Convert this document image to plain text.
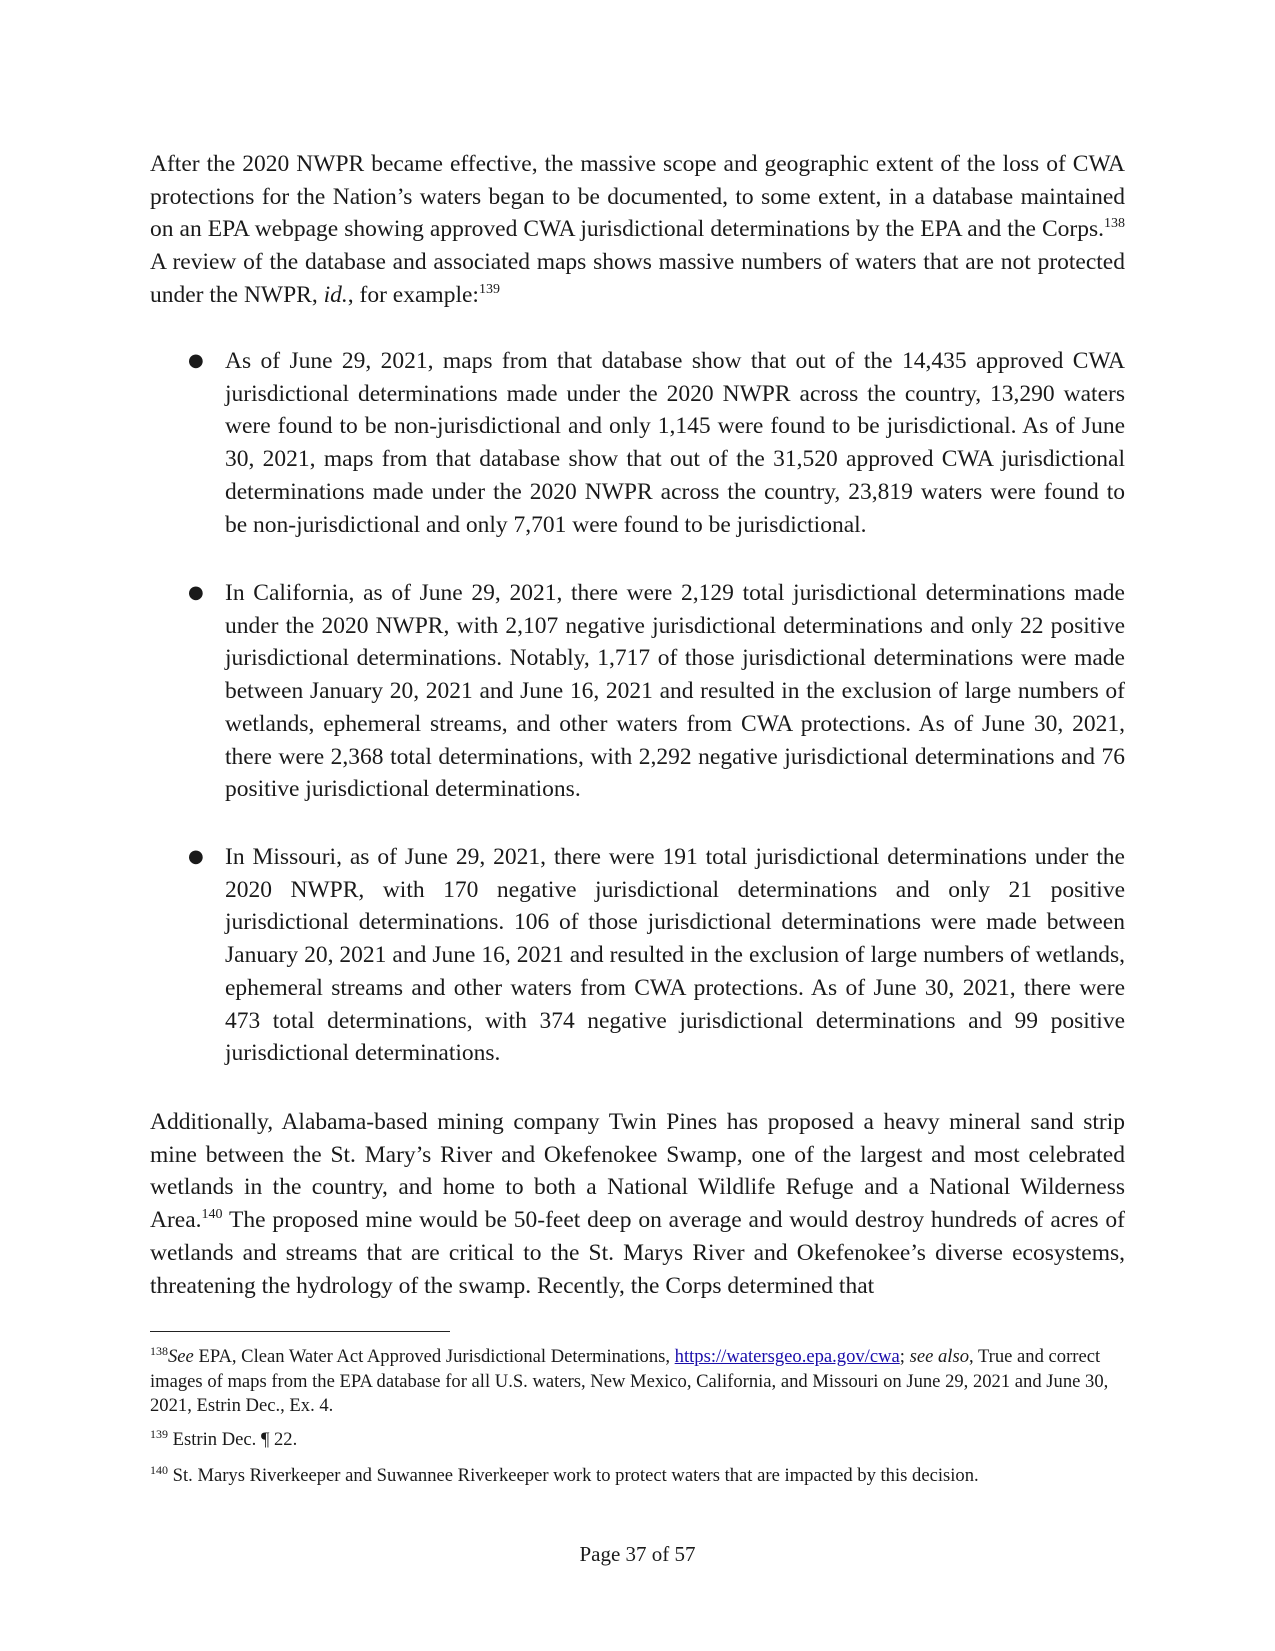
After the 2020 NWPR became effective, the massive scope and geographic extent of the loss of CWA protections for the Nation’s waters began to be documented, to some extent, in a database maintained on an EPA webpage showing approved CWA jurisdictional determinations by the EPA and the Corps.$^{138}$ A review of the database and associated maps shows massive numbers of waters that are not protected under the NWPR, id., for example:$^{139}$

● As of June 29, 2021, maps from that database show that out of the 14,435 approved CWA jurisdictional determinations made under the 2020 NWPR across the country, 13,290 waters were found to be non-jurisdictional and only 1,145 were found to be jurisdictional. As of June 30, 2021, maps from that database show that out of the 31,520 approved CWA jurisdictional determinations made under the 2020 NWPR across the country, 23,819 waters were found to be non-jurisdictional and only 7,701 were found to be jurisdictional.

● In California, as of June 29, 2021, there were 2,129 total jurisdictional determinations made under the 2020 NWPR, with 2,107 negative jurisdictional determinations and only 22 positive jurisdictional determinations. Notably, 1,717 of those jurisdictional determinations were made between January 20, 2021 and June 16, 2021 and resulted in the exclusion of large numbers of wetlands, ephemeral streams, and other waters from CWA protections. As of June 30, 2021, there were 2,368 total determinations, with 2,292 negative jurisdictional determinations and 76 positive jurisdictional determinations.

● In Missouri, as of June 29, 2021, there were 191 total jurisdictional determinations under the 2020 NWPR, with 170 negative jurisdictional determinations and only 21 positive jurisdictional determinations. 106 of those jurisdictional determinations were made between January 20, 2021 and June 16, 2021 and resulted in the exclusion of large numbers of wetlands, ephemeral streams and other waters from CWA protections. As of June 30, 2021, there were 473 total determinations, with 374 negative jurisdictional determinations and 99 positive jurisdictional determinations.

Additionally, Alabama-based mining company Twin Pines has proposed a heavy mineral sand strip mine between the St. Mary’s River and Okefenokee Swamp, one of the largest and most celebrated wetlands in the country, and home to both a National Wildlife Refuge and a National Wilderness Area.$^{140}$ The proposed mine would be 50-feet deep on average and would destroy hundreds of acres of wetlands and streams that are critical to the St. Marys River and Okefenokee’s diverse ecosystems, threatening the hydrology of the swamp. Recently, the Corps determined that

$^{138}$See EPA, Clean Water Act Approved Jurisdictional Determinations, https://watersgeo.epa.gov/cwa; see also, True and correct images of maps from the EPA database for all U.S. waters, New Mexico, California, and Missouri on June 29, 2021 and June 30, 2021, Estrin Dec., Ex. 4.

$^{139}$ Estrin Dec. ¶ 22.

$^{140}$ St. Marys Riverkeeper and Suwannee Riverkeeper work to protect waters that are impacted by this decision.

Page 37 of 57
